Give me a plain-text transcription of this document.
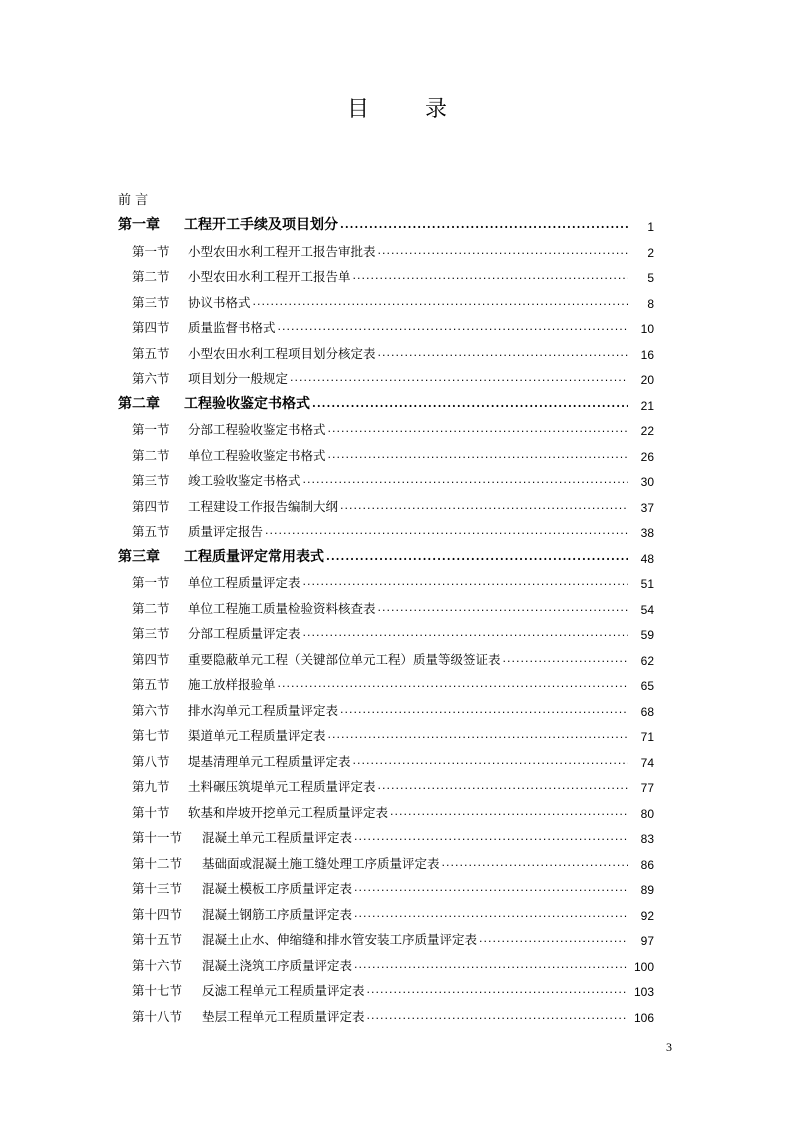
目	录
前 言
第一章 工程开工手续及项目划分 ·····	1
第一节 小型农田水利工程开工报告审批表 ·····	2
第二节 小型农田水利工程开工报告单 ·····	5
第三节 协议书格式 ·····	8
第四节 质量监督书格式 ·····	10
第五节 小型农田水利工程项目划分核定表 ·····	16
第六节 项目划分一般规定 ·····	20
第二章 工程验收鉴定书格式 ·····	21
第一节 分部工程验收鉴定书格式 ·····	22
第二节 单位工程验收鉴定书格式 ·····	26
第三节 竣工验收鉴定书格式 ·····	30
第四节 工程建设工作报告编制大纲 ·····	37
第五节 质量评定报告 ·····	38
第三章 工程质量评定常用表式 ·····	48
第一节 单位工程质量评定表 ·····	51
第二节 单位工程施工质量检验资料核查表 ·····	54
第三节 分部工程质量评定表 ·····	59
第四节 重要隐蔽单元工程（关键部位单元工程）质量等级签证表 ·····	62
第五节 施工放样报验单 ·····	65
第六节 排水沟单元工程质量评定表 ·····	68
第七节 渠道单元工程质量评定表 ·····	71
第八节 堤基清理单元工程质量评定表 ·····	74
第九节 土料碾压筑堤单元工程质量评定表 ·····	77
第十节 软基和岸坡开挖单元工程质量评定表 ·····	80
第十一节 混凝土单元工程质量评定表 ·····	83
第十二节 基础面或混凝土施工缝处理工序质量评定表 ·····	86
第十三节 混凝土模板工序质量评定表 ·····	89
第十四节 混凝土钢筋工序质量评定表 ·····	92
第十五节 混凝土止水、伸缩缝和排水管安装工序质量评定表 ·····	97
第十六节 混凝土浇筑工序质量评定表 ·····	100
第十七节 反滤工程单元工程质量评定表 ·····	103
第十八节 垫层工程单元工程质量评定表 ·····	106
3
